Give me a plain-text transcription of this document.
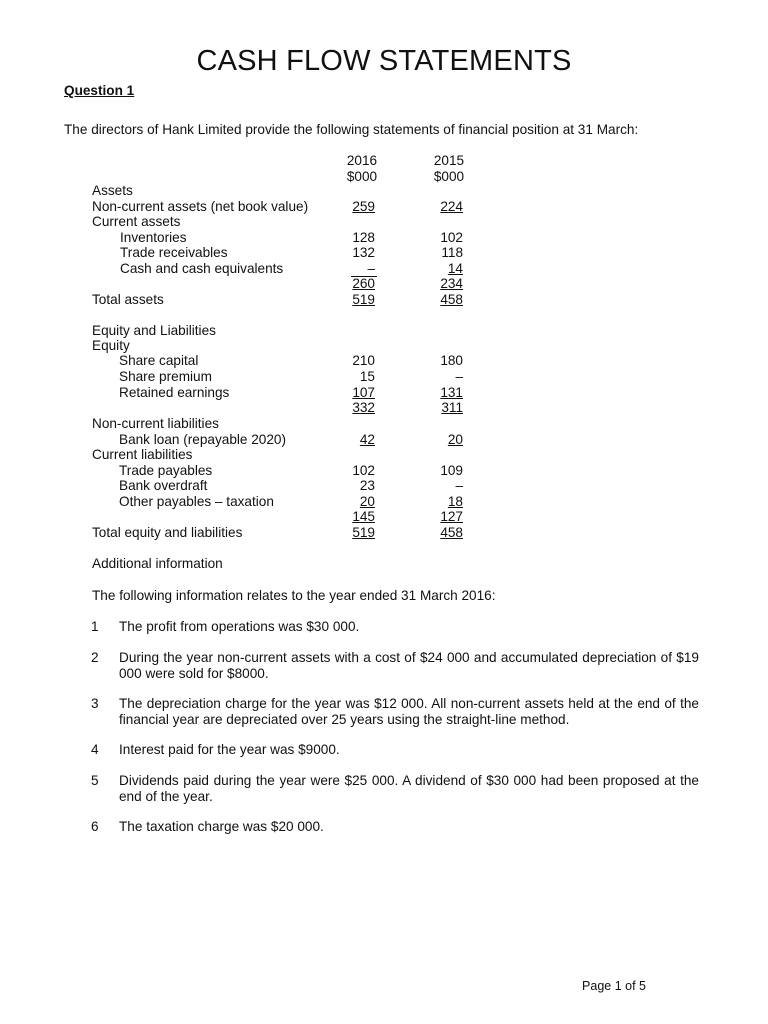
CASH FLOW STATEMENTS
Question 1
The directors of Hank Limited provide the following statements of financial position at 31 March:
2016	2015
$000	$000
Assets
Non-current assets (net book value)	259	224
Current assets
Inventories	128	102
Trade receivables	132	118
Cash and cash equivalents	–	14
260	234
Total assets	519	458
Equity and Liabilities
Equity
Share capital	210	180
Share premium	15	–
Retained earnings	107	131
332	311
Non-current liabilities
Bank loan (repayable 2020)	42	20
Current liabilities
Trade payables	102	109
Bank overdraft	23	–
Other payables – taxation	20	18
145	127
Total equity and liabilities	519	458
Additional information
The following information relates to the year ended 31 March 2016:
1 The profit from operations was $30 000.
2 During the year non-current assets with a cost of $24 000 and accumulated depreciation of $19 000 were sold for $8000.
3 The depreciation charge for the year was $12 000. All non-current assets held at the end of the financial year are depreciated over 25 years using the straight-line method.
4 Interest paid for the year was $9000.
5 Dividends paid during the year were $25 000. A dividend of $30 000 had been proposed at the end of the year.
6 The taxation charge was $20 000.
Page 1 of 5
